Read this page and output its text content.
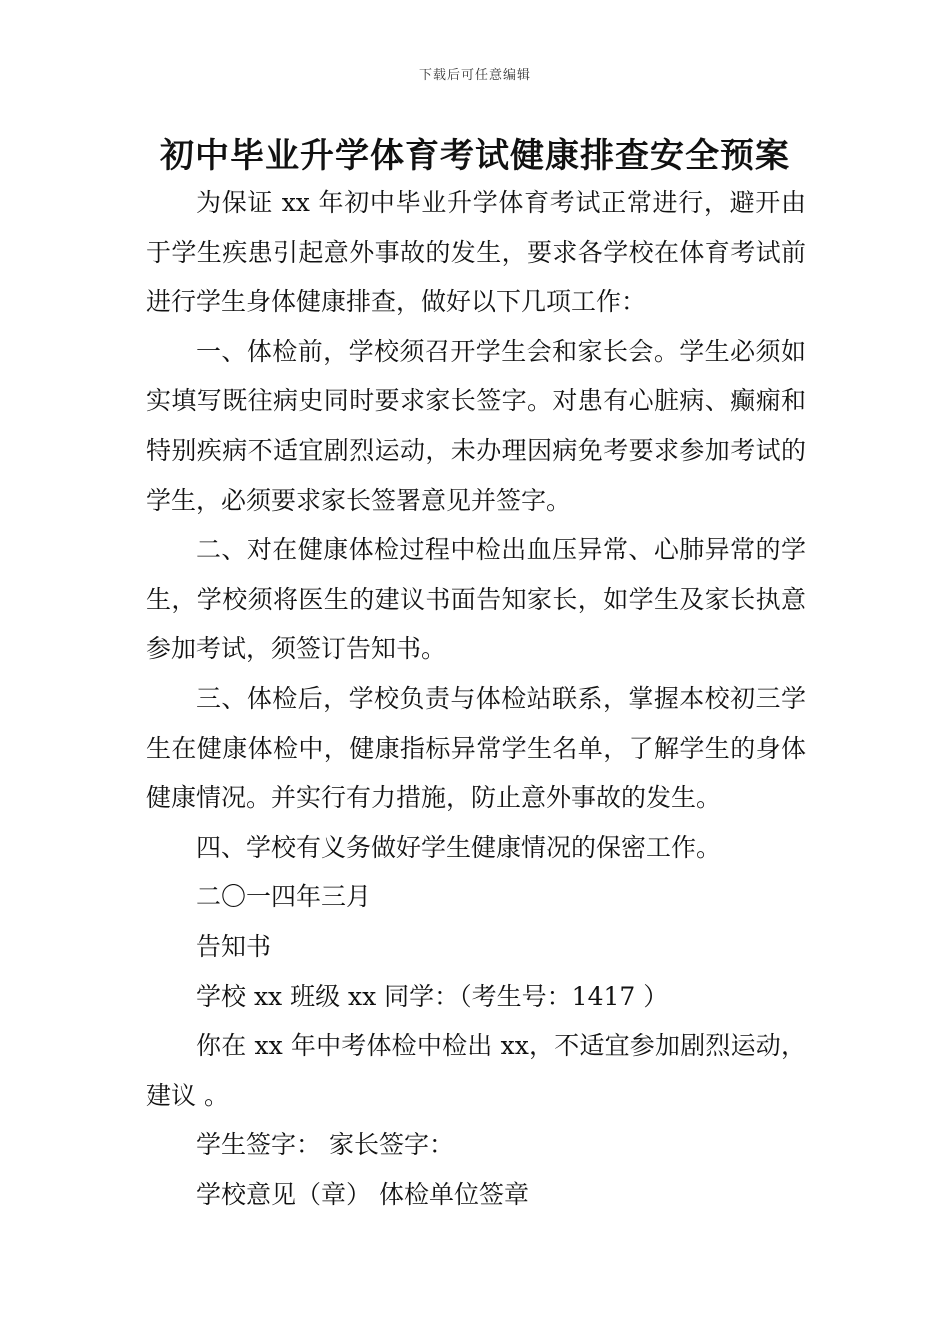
下载后可任意编辑
初中毕业升学体育考试健康排查安全预案

为保证 xx 年初中毕业升学体育考试正常进行，避开由于学生疾患引起意外事故的发生，要求各学校在体育考试前进行学生身体健康排查，做好以下几项工作：

一、体检前，学校须召开学生会和家长会。学生必须如实填写既往病史同时要求家长签字。对患有心脏病、癫痫和特别疾病不适宜剧烈运动，未办理因病免考要求参加考试的学生，必须要求家长签署意见并签字。

二、对在健康体检过程中检出血压异常、心肺异常的学生，学校须将医生的建议书面告知家长，如学生及家长执意参加考试，须签订告知书。

三、体检后，学校负责与体检站联系，掌握本校初三学生在健康体检中，健康指标异常学生名单，了解学生的身体健康情况。并实行有力措施，防止意外事故的发生。

四、学校有义务做好学生健康情况的保密工作。

二〇一四年三月

告知书

学校 xx 班级 xx 同学：（考生号：1417 ）

你在 xx 年中考体检中检出 xx，不适宜参加剧烈运动，建议 。

学生签字： 家长签字：

学校意见（章） 体检单位签章
